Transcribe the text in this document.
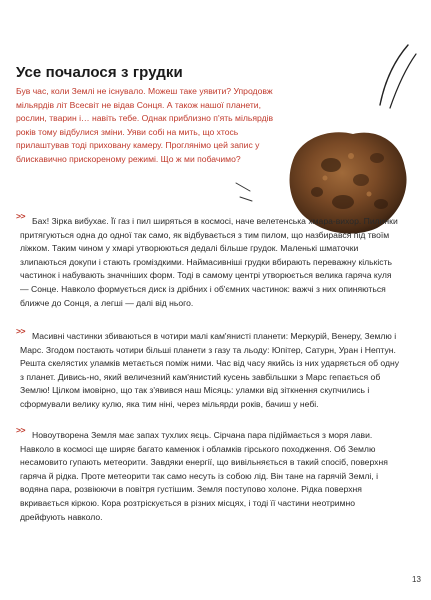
Усе почалося з грудки

Був час, коли Землі не існувало. Можеш таке уявити? Упродовж мільярдів літ Всесвіт не відав Сонця. А також нашої планети, рослин, тварин і… навіть тебе. Однак приблизно п'ять мільярдів років тому відбулися зміни. Уяви собі на мить, що хтось прилаштував тоді приховану камеру. Проглянімо цей запис у блискавично прискореному режимі. Що ж ми побачимо?

>> Бах! Зірка вибухає. Її газ і пил ширяться в космосі, наче велетенська хмара-вихор. Пилинки притягуються одна до одної так само, як відбувається з тим пилом, що назбирався під твоїм ліжком. Таким чином у хмарі утворюються дедалі більше грудок. Маленькі шматочки злипаються докупи і стають громіздкими. Наймасивніші грудки вбирають переважну кількість частинок і набувають значніших форм. Тоді в самому центрі утворюється велика гаряча куля — Сонце. Навколо формується диск із дрібних і об'ємних частинок: важчі з них опиняються ближче до Сонця, а легші — далі від нього.

>> Масивні частинки збиваються в чотири малі кам'янисті планети: Меркурій, Венеру, Землю і Марс. Згодом постають чотири більші планети з газу та льоду: Юпітер, Сатурн, Уран і Нептун. Решта скелястих уламків метається поміж ними. Час від часу якийсь із них ударяється об одну з планет. Дивись-но, який величезний кам'янистий кусень завбільшки з Марс гепається об Землю! Цілком імовірно, що так з'явився наш Місяць: уламки від зіткнення скупчились і сформували велику кулю, яка тим ніні, через мільярди років, бачиш у небі.

>> Новоутворена Земля має запах тухлих яєць. Сірчана пара підіймається з моря лави. Навколо в космосі ще ширяє багато каменюк і обламків гірського походження. Об Землю несамовито гупають метеорити. Завдяки енергії, що вивільняється в такий спосіб, поверхня гаряча й рідка. Проте метеорити так само несуть із собою лід. Він тане на гарячій Землі, і водяна пара, розвіюючи в повітря густішим. Земля поступово холоне. Рідка поверхня вкривається кіркою. Кора розтріскується в різних місцях, і тоді її частини неотримно дрейфують навколо.

13
